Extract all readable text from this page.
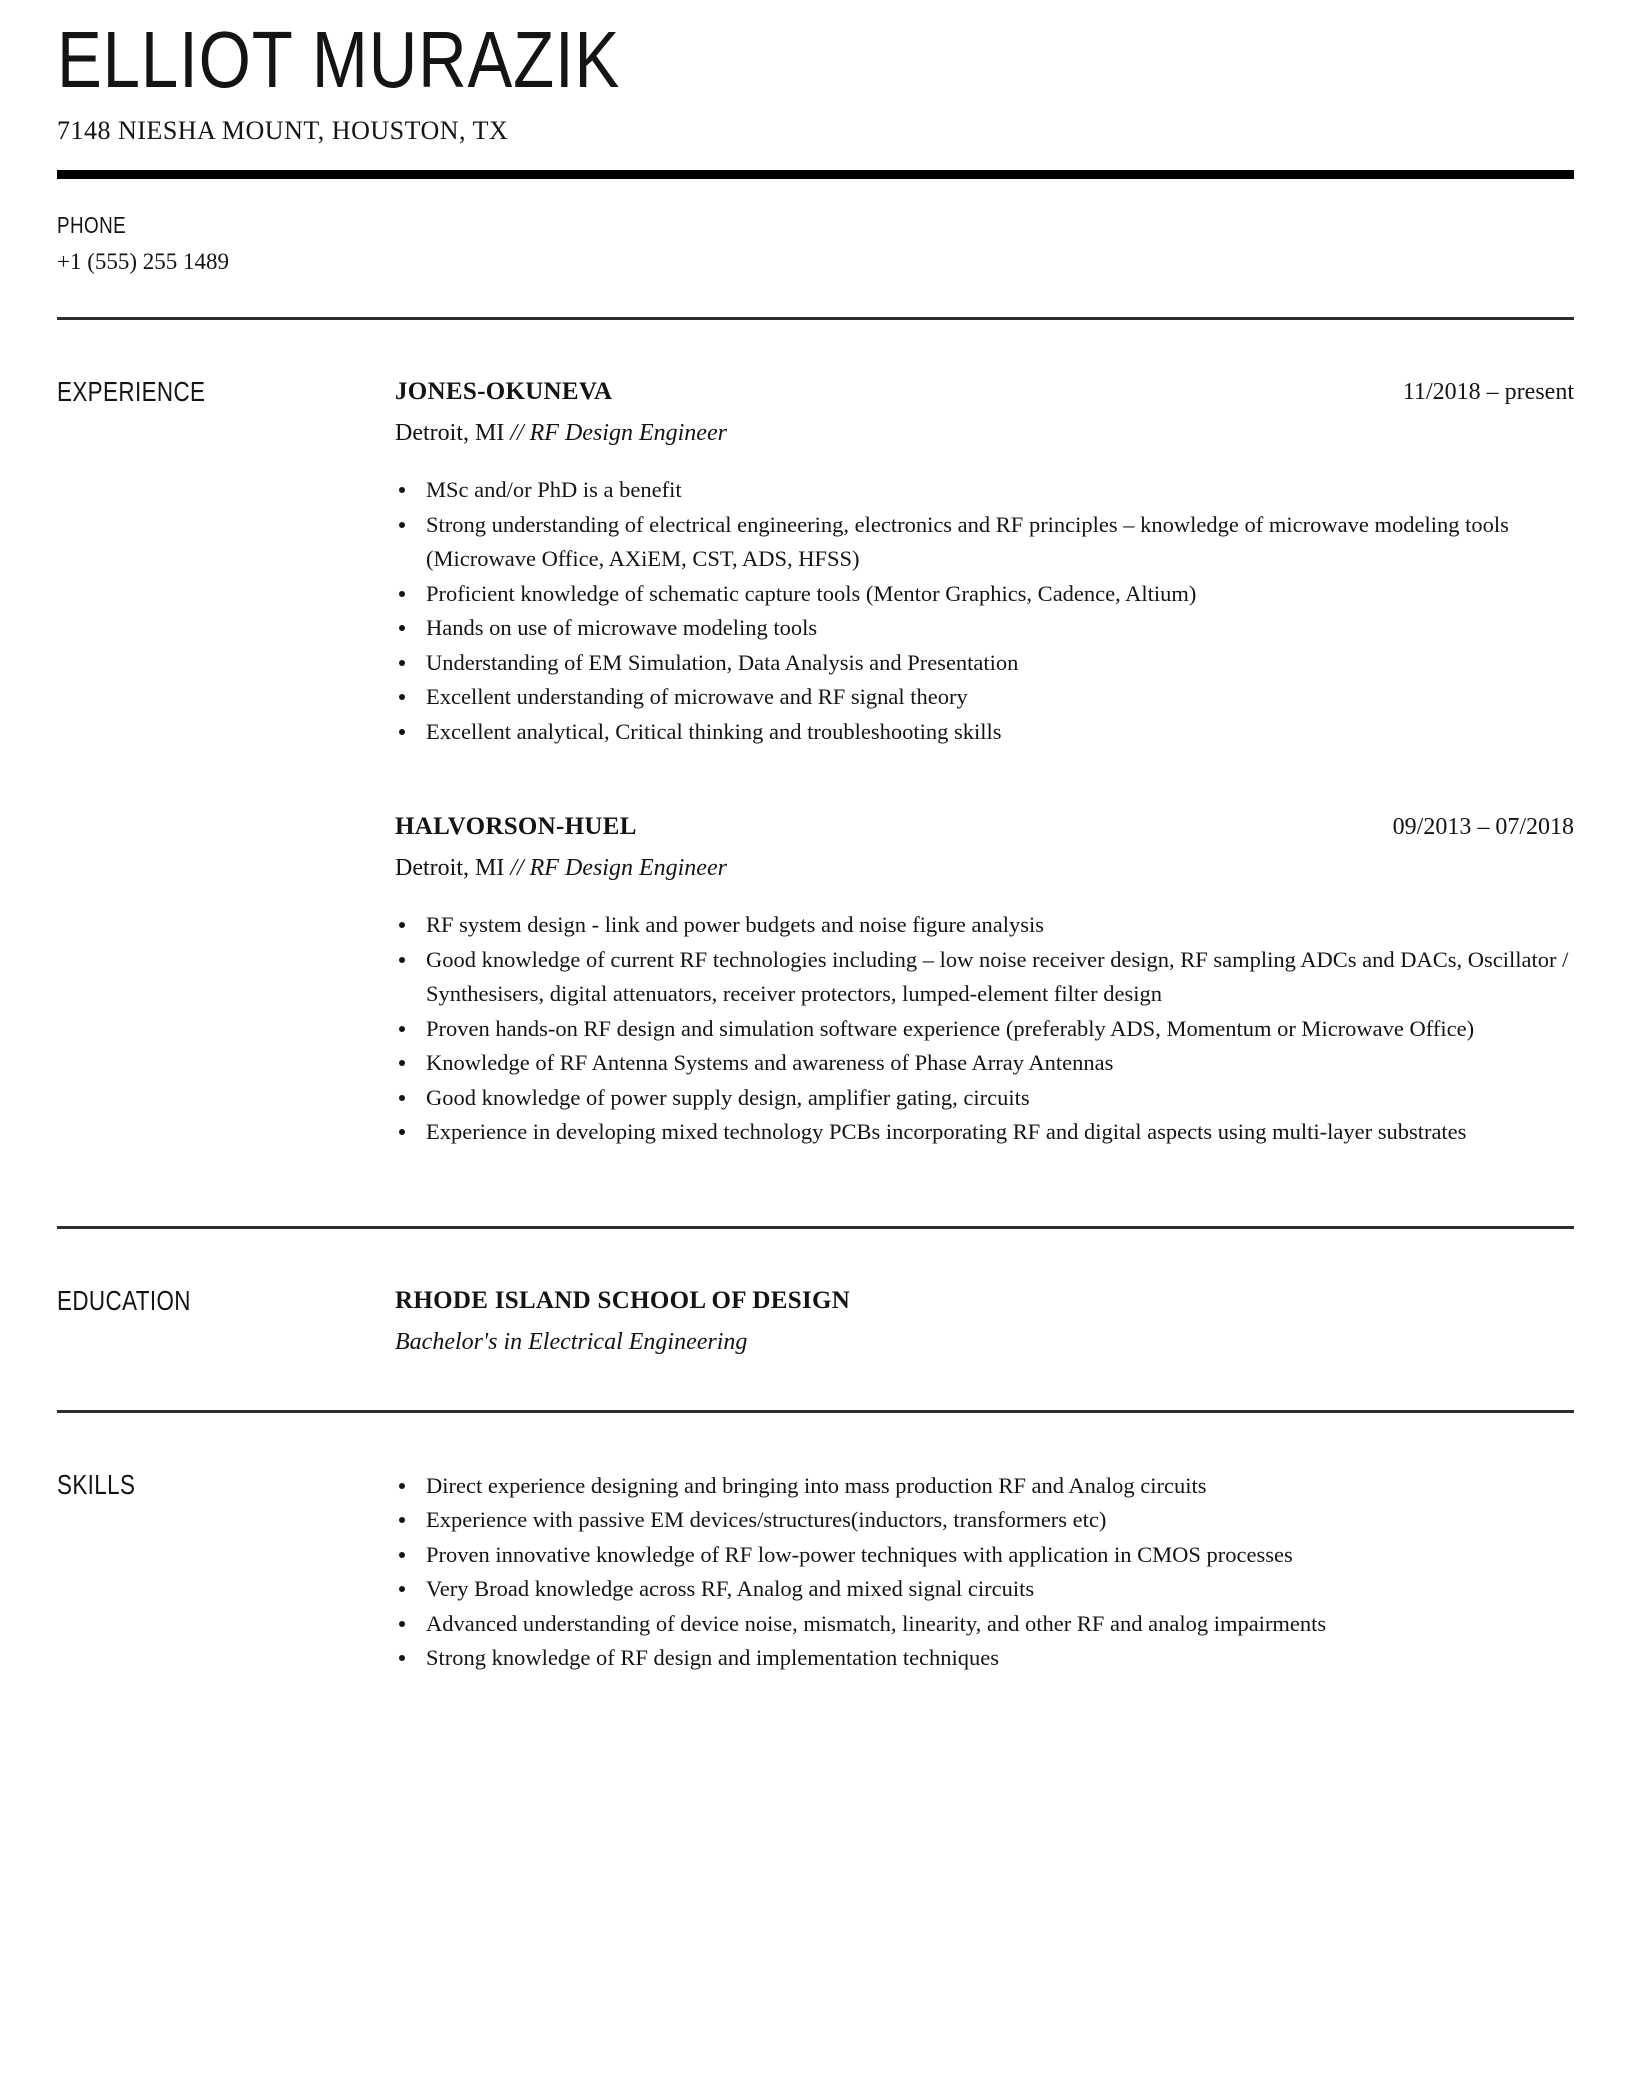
ELLIOT MURAZIK
7148 NIESHA MOUNT, HOUSTON, TX
PHONE
+1 (555) 255 1489
EXPERIENCE	JONES-OKUNEVA	11/2018 – present

Detroit, MI // RF Design Engineer

MSc and/or PhD is a benefit
Strong understanding of electrical engineering, electronics and RF principles – knowledge of microwave modeling tools (Microwave Office, AXiEM, CST, ADS, HFSS)
Proficient knowledge of schematic capture tools (Mentor Graphics, Cadence, Altium)
Hands on use of microwave modeling tools
Understanding of EM Simulation, Data Analysis and Presentation
Excellent understanding of microwave and RF signal theory
Excellent analytical, Critical thinking and troubleshooting skills
HALVORSON-HUEL	09/2013 – 07/2018

Detroit, MI // RF Design Engineer

RF system design - link and power budgets and noise figure analysis
Good knowledge of current RF technologies including – low noise receiver design, RF sampling ADCs and DACs, Oscillator / Synthesisers, digital attenuators, receiver protectors, lumped-element filter design
Proven hands-on RF design and simulation software experience (preferably ADS, Momentum or Microwave Office)
Knowledge of RF Antenna Systems and awareness of Phase Array Antennas
Good knowledge of power supply design, amplifier gating, circuits
Experience in developing mixed technology PCBs incorporating RF and digital aspects using multi-layer substrates
EDUCATION	RHODE ISLAND SCHOOL OF DESIGN
Bachelor's in Electrical Engineering
SKILLS	Direct experience designing and bringing into mass production RF and Analog circuits
Experience with passive EM devices/structures(inductors, transformers etc)
Proven innovative knowledge of RF low-power techniques with application in CMOS processes
Very Broad knowledge across RF, Analog and mixed signal circuits
Advanced understanding of device noise, mismatch, linearity, and other RF and analog impairments
Strong knowledge of RF design and implementation techniques
